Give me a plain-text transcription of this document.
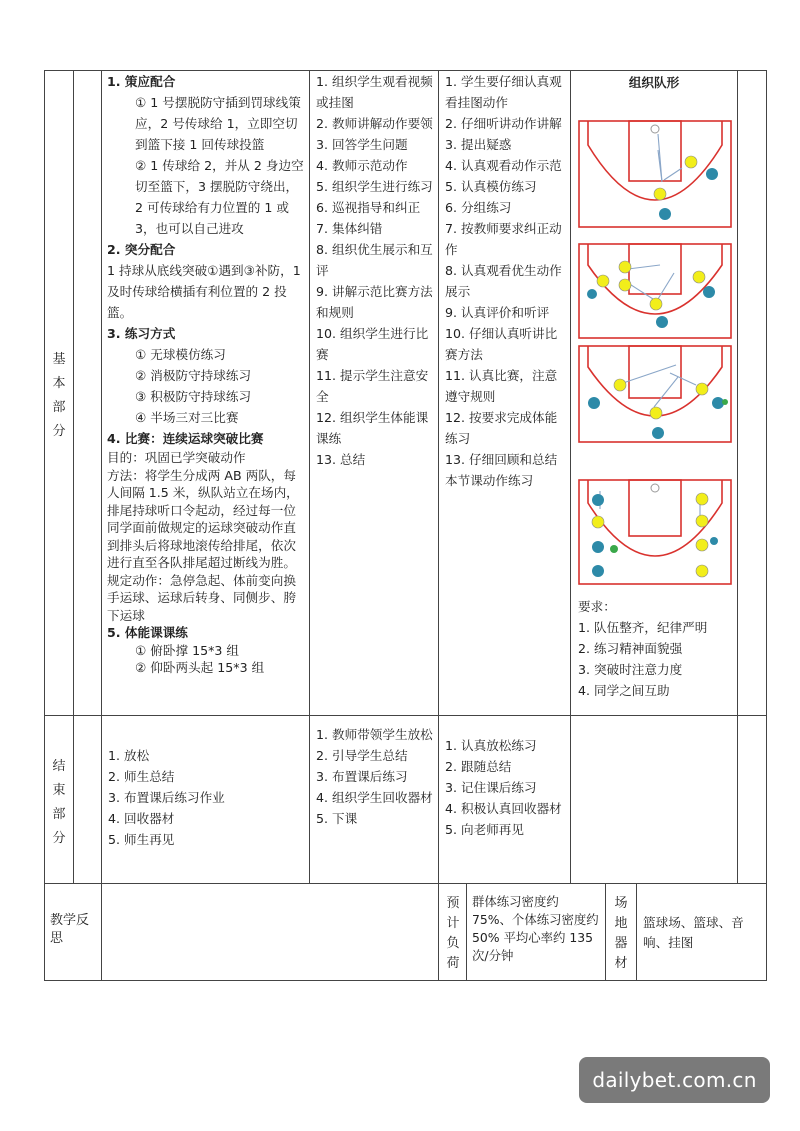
基本部分
结束部分
教学反思

1. 策应配合

① 1 号摆脱防守插到罚球线策应，2 号传球给 1，立即空切到篮下接 1 回传球投篮

② 1 传球给 2，并从 2 身边空切至篮下，3 摆脱防守绕出，2 可传球给有力位置的 1 或 3，也可以自己进攻

2. 突分配合

1 持球从底线突破①遇到③补防，1 及时传球给横插有利位置的 2 投篮。

3. 练习方式

① 无球模仿练习

② 消极防守持球练习

③ 积极防守持球练习

④ 半场三对三比赛

4. 比赛：连续运球突破比赛

目的：巩固已学突破动作

方法：将学生分成两 AB 两队，每人间隔 1.5 米，纵队站立在场内，排尾持球听口令起动，经过每一位同学面前做规定的运球突破动作直到排头后将球地滚传给排尾，依次进行直至各队排尾超过断线为胜。

规定动作：急停急起、体前变向换手运球、运球后转身、同侧步、胯下运球

5. 体能课课练

① 俯卧撑 15*3 组

② 仰卧两头起 15*3 组

1. 组织学生观看视频或挂图

2. 教师讲解动作要领

3. 回答学生问题

4. 教师示范动作

5. 组织学生进行练习

6. 巡视指导和纠正

7. 集体纠错

8. 组织优生展示和互评

9. 讲解示范比赛方法和规则

10. 组织学生进行比赛

11. 提示学生注意安全

12. 组织学生体能课课练

13. 总结

1. 学生要仔细认真观看挂图动作

2. 仔细听讲动作讲解

3. 提出疑惑

4. 认真观看动作示范

5. 认真模仿练习

6. 分组练习

7. 按教师要求纠正动作

8. 认真观看优生动作展示

9. 认真评价和听评

10. 仔细认真听讲比赛方法

11. 认真比赛，注意遵守规则

12. 按要求完成体能练习

13. 仔细回顾和总结本节课动作练习

组织队形

要求：

1. 队伍整齐，纪律严明

2. 练习精神面貌强

3. 突破时注意力度

4. 同学之间互助

1. 放松

2. 师生总结

3. 布置课后练习作业

4. 回收器材

5. 师生再见

1. 教师带领学生放松

2. 引导学生总结

3. 布置课后练习

4. 组织学生回收器材

5. 下课

1. 认真放松练习

2. 跟随总结

3. 记住课后练习

4. 积极认真回收器材

5. 向老师再见

预计负荷
群体练习密度约 75%、个体练习密度约 50% 平均心率约 135 次/分钟
场地器材
篮球场、篮球、音响、挂图
dailybet.com.cn
